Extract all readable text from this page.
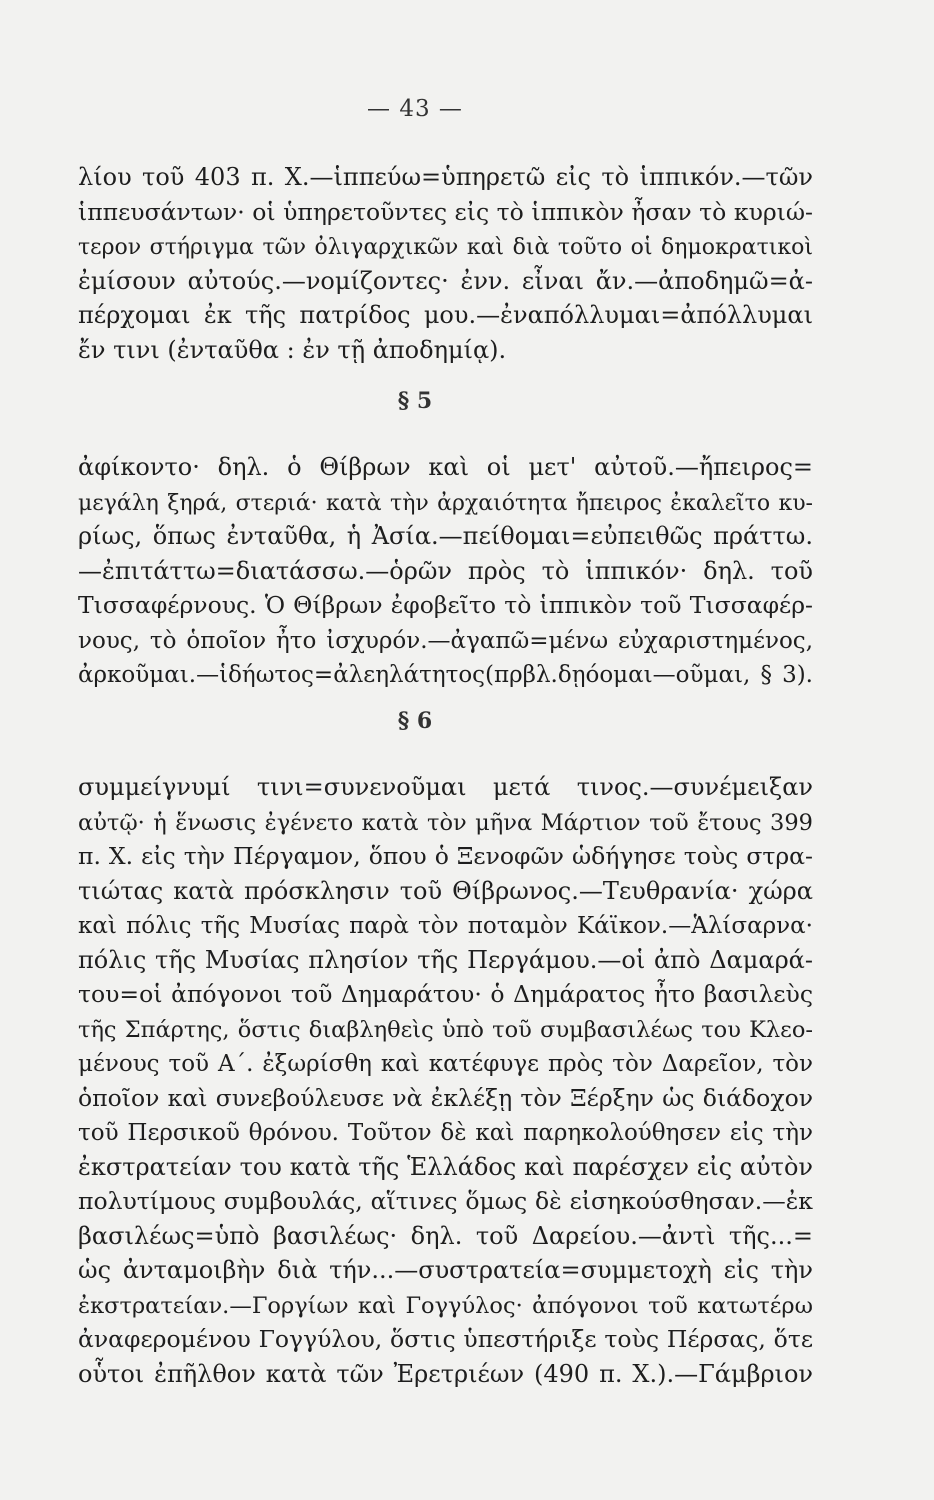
— 43 —
λίου τοῦ 403 π. Χ.—ἱππεύω=ὑπηρετῶ εἰς τὸ ἱππικόν.—τῶν
ἱππευσάντων· οἱ ὑπηρετοῦντες εἰς τὸ ἱππικὸν ἦσαν τὸ κυριώ-
τερον στήριγμα τῶν ὀλιγαρχικῶν καὶ διὰ τοῦτο οἱ δημοκρατικοὶ
ἐμίσουν αὐτούς.—νομίζοντες· ἐνν. εἶναι ἄν.—ἀποδημῶ=ἀ-
πέρχομαι ἐκ τῆς πατρίδος μου.—ἐναπόλλυμαι=ἀπόλλυμαι
ἔν τινι (ἐνταῦθα : ἐν τῇ ἀποδημίᾳ).
§ 5
ἀφίκοντο· δηλ. ὁ Θίβρων καὶ οἱ μετ' αὐτοῦ.—ἤπειρος=
μεγάλη ξηρά, στεριά· κατὰ τὴν ἀρχαιότητα ἤπειρος ἐκαλεῖτο κυ-
ρίως, ὅπως ἐνταῦθα, ἡ Ἀσία.—πείθομαι=εὐπειθῶς πράττω.
—ἐπιτάττω=διατάσσω.—ὁρῶν πρὸς τὸ ἱππικόν· δηλ. τοῦ
Τισσαφέρνους. Ὁ Θίβρων ἐφοβεῖτο τὸ ἱππικὸν τοῦ Τισσαφέρ-
νους, τὸ ὁποῖον ἦτο ἰσχυρόν.—ἀγαπῶ=μένω εὐχαριστημένος,
ἀρκοῦμαι.—ἱδήωτος=ἀλεηλάτητος(πρβλ.δῃόομαι—οῦμαι, § 3).
§ 6
συμμείγνυμί τινι=συνενοῦμαι μετά τινος.—συνέμειξαν
αὐτῷ· ἡ ἕνωσις ἐγένετο κατὰ τὸν μῆνα Μάρτιον τοῦ ἔτους 399
π. Χ. εἰς τὴν Πέργαμον, ὅπου ὁ Ξενοφῶν ὡδήγησε τοὺς στρα-
τιώτας κατὰ πρόσκλησιν τοῦ Θίβρωνος.—Τευθρανία· χώρα
καὶ πόλις τῆς Μυσίας παρὰ τὸν ποταμὸν Κάϊκον.—Ἁλίσαρνα·
πόλις τῆς Μυσίας πλησίον τῆς Περγάμου.—οἱ ἀπὸ Δαμαρά-
του=οἱ ἀπόγονοι τοῦ Δημαράτου· ὁ Δημάρατος ἦτο βασιλεὺς
τῆς Σπάρτης, ὅστις διαβληθεὶς ὑπὸ τοῦ συμβασιλέως του Κλεο-
μένους τοῦ Α΄. ἐξωρίσθη καὶ κατέφυγε πρὸς τὸν Δαρεῖον, τὸν
ὁποῖον καὶ συνεβούλευσε νὰ ἐκλέξῃ τὸν Ξέρξην ὡς διάδοχον
τοῦ Περσικοῦ θρόνου. Τοῦτον δὲ καὶ παρηκολούθησεν εἰς τὴν
ἐκστρατείαν του κατὰ τῆς Ἑλλάδος καὶ παρέσχεν εἰς αὐτὸν
πολυτίμους συμβουλάς, αἵτινες ὅμως δὲ εἰσηκούσθησαν.—ἐκ
βασιλέως=ὑπὸ βασιλέως· δηλ. τοῦ Δαρείου.—ἀντὶ τῆς...=
ὡς ἀνταμοιβὴν διὰ τήν...—συστρατεία=συμμετοχὴ εἰς τὴν
ἐκστρατείαν.—Γοργίων καὶ Γογγύλος· ἀπόγονοι τοῦ κατωτέρω
ἀναφερομένου Γογγύλου, ὅστις ὑπεστήριξε τοὺς Πέρσας, ὅτε
οὗτοι ἐπῆλθον κατὰ τῶν Ἐρετριέων (490 π. Χ.).—Γάμβριον
